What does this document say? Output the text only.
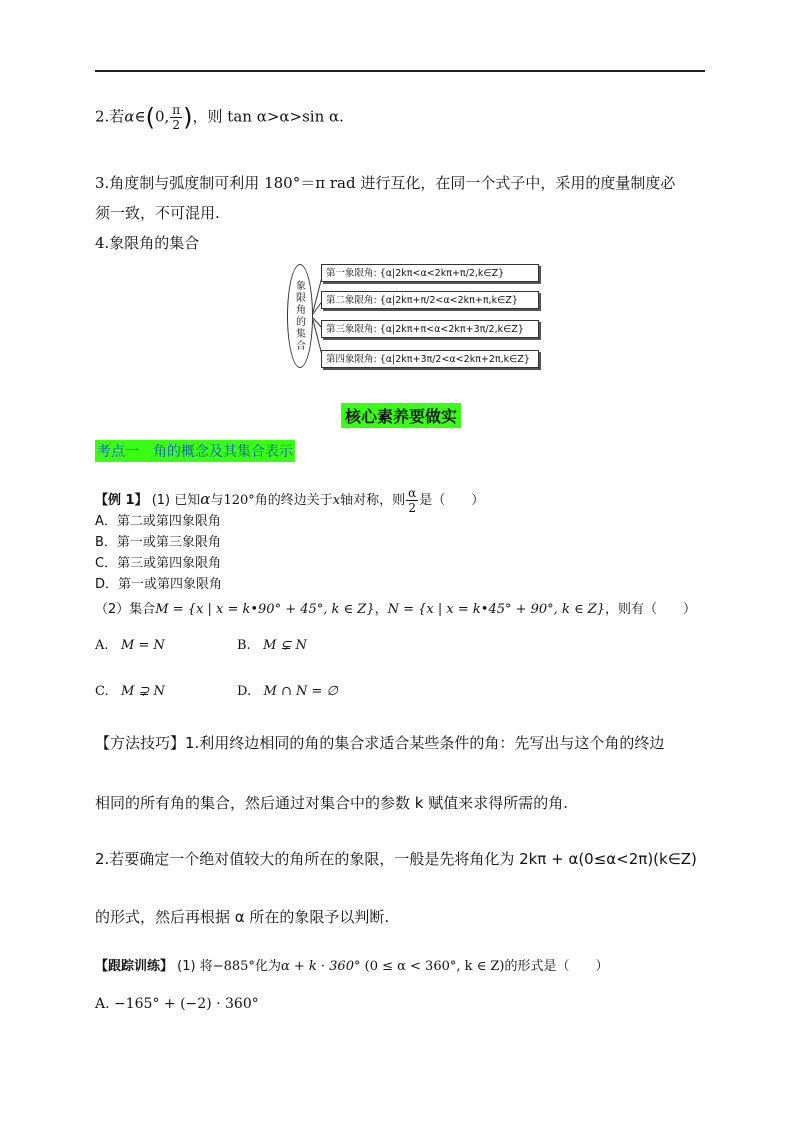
2.若α∈(0, $\frac{\pi}{2}$ )，则 tan α>α>sin α.
3.角度制与弧度制可利用 180°＝π rad 进行互化，在同一个式子中，采用的度量制度必
须一致，不可混用.
4.象限角的集合
象限角的集合
第一象限角: {α|2kπ<α<2kπ+π/2,k∈Z}
第二象限角: {α|2kπ+π/2<α<2kπ+π,k∈Z}
第三象限角: {α|2kπ+π<α<2kπ+3π/2,k∈Z}
第四象限角: {α|2kπ+3π/2<α<2kπ+2π,k∈Z}
核心素养要做实
考点一　角的概念及其集合表示
【例 1】 (1) 已知α与120°角的终边关于x轴对称，则 $\frac{\alpha}{2}$ 是（　　）
A．第二或第四象限角
B．第一或第三象限角
C．第三或第四象限角
D．第一或第四象限角
（2）集合M = {x | x = k•90° + 45°, k ∈ Z}，N = {x | x = k•45° + 90°, k ∈ Z}，则有（　　）
A. M = N	B. M ⊊ N
C. M ⊋ N	D. M ∩ N = ∅
【方法技巧】1.利用终边相同的角的集合求适合某些条件的角：先写出与这个角的终边
相同的所有角的集合，然后通过对集合中的参数 k 赋值来求得所需的角.
2.若要确定一个绝对值较大的角所在的象限，一般是先将角化为 2kπ + α(0≤α<2π)(k∈Z)
的形式，然后再根据 α 所在的象限予以判断.
【跟踪训练】 (1) 将−885°化为α + k · 360° (0 ≤ α < 360°, k ∈ Z)的形式是（　　）
A. −165° + (−2) · 360°
